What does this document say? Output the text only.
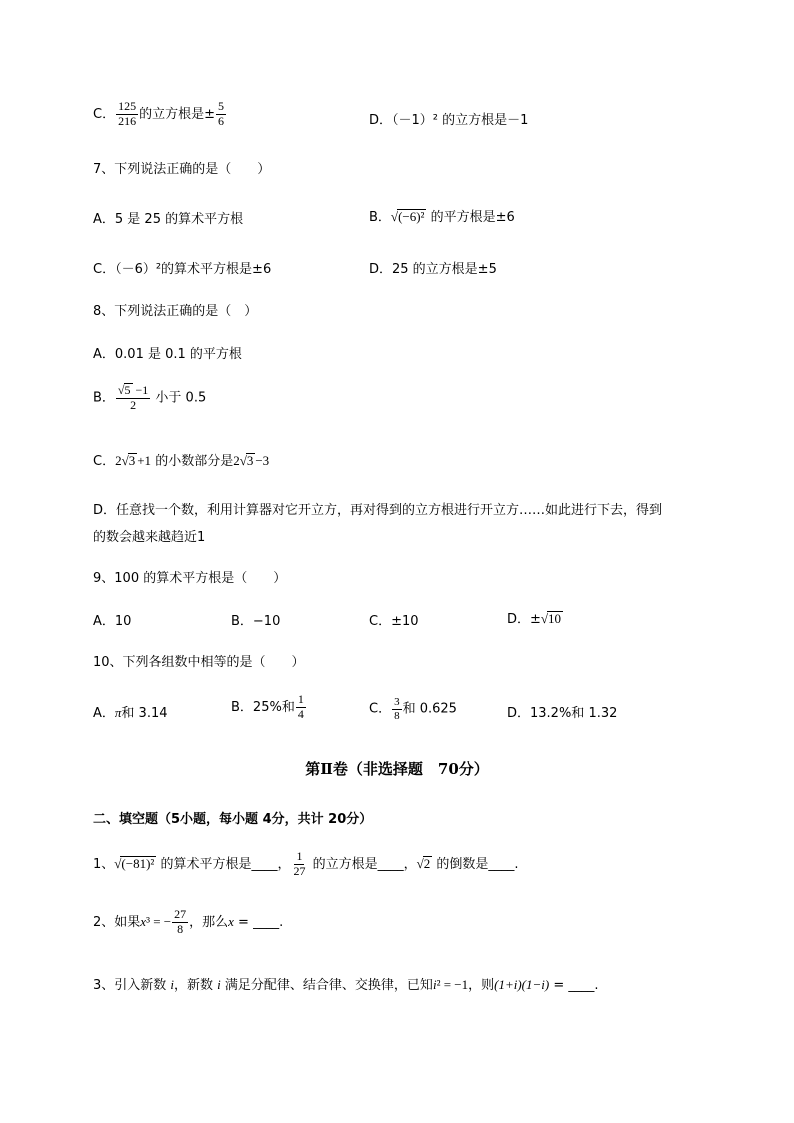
C． $\frac{125}{216}$ 的立方根是± $\frac{5}{6}$	D．（－1）² 的立方根是－1
7、下列说法正确的是（　　）
A．5 是 25 的算术平方根	B．√(−6)² 的平方根是±6
C．（－6）²的算术平方根是±6	D．25 的立方根是±5
8、下列说法正确的是（　）
A．0.01 是 0.1 的平方根
B． $\frac{√5 -1}{2}$ 小于 0.5
C．2√3 +1 的小数部分是2√3 −3
D．任意找一个数，利用计算器对它开立方，再对得到的立方根进行开立方……如此进行下去，得到
的数会越来越趋近1
9、100 的算术平方根是（　　）
A．10	B．−10	C．±10	D．±√10
10、下列各组数中相等的是（　　）
A．π和 3.14	B．25%和 $\frac{1}{4}$	C． $\frac{3}{8}$ 和 0.625	D．13.2%和 1.32
第Ⅱ卷（非选择题　70分）
二、填空题（5小题，每小题 4分，共计 20分）
1、√(−81)² 的算术平方根是____， $\frac{1}{27}$ 的立方根是____，√2 的倒数是____.
2、如果x³ = − $\frac{27}{8}$ ，那么x = ____.
3、引入新数 i，新数 i 满足分配律、结合律、交换律，已知i² = −1，则(1+i)(1−i) = ____.
